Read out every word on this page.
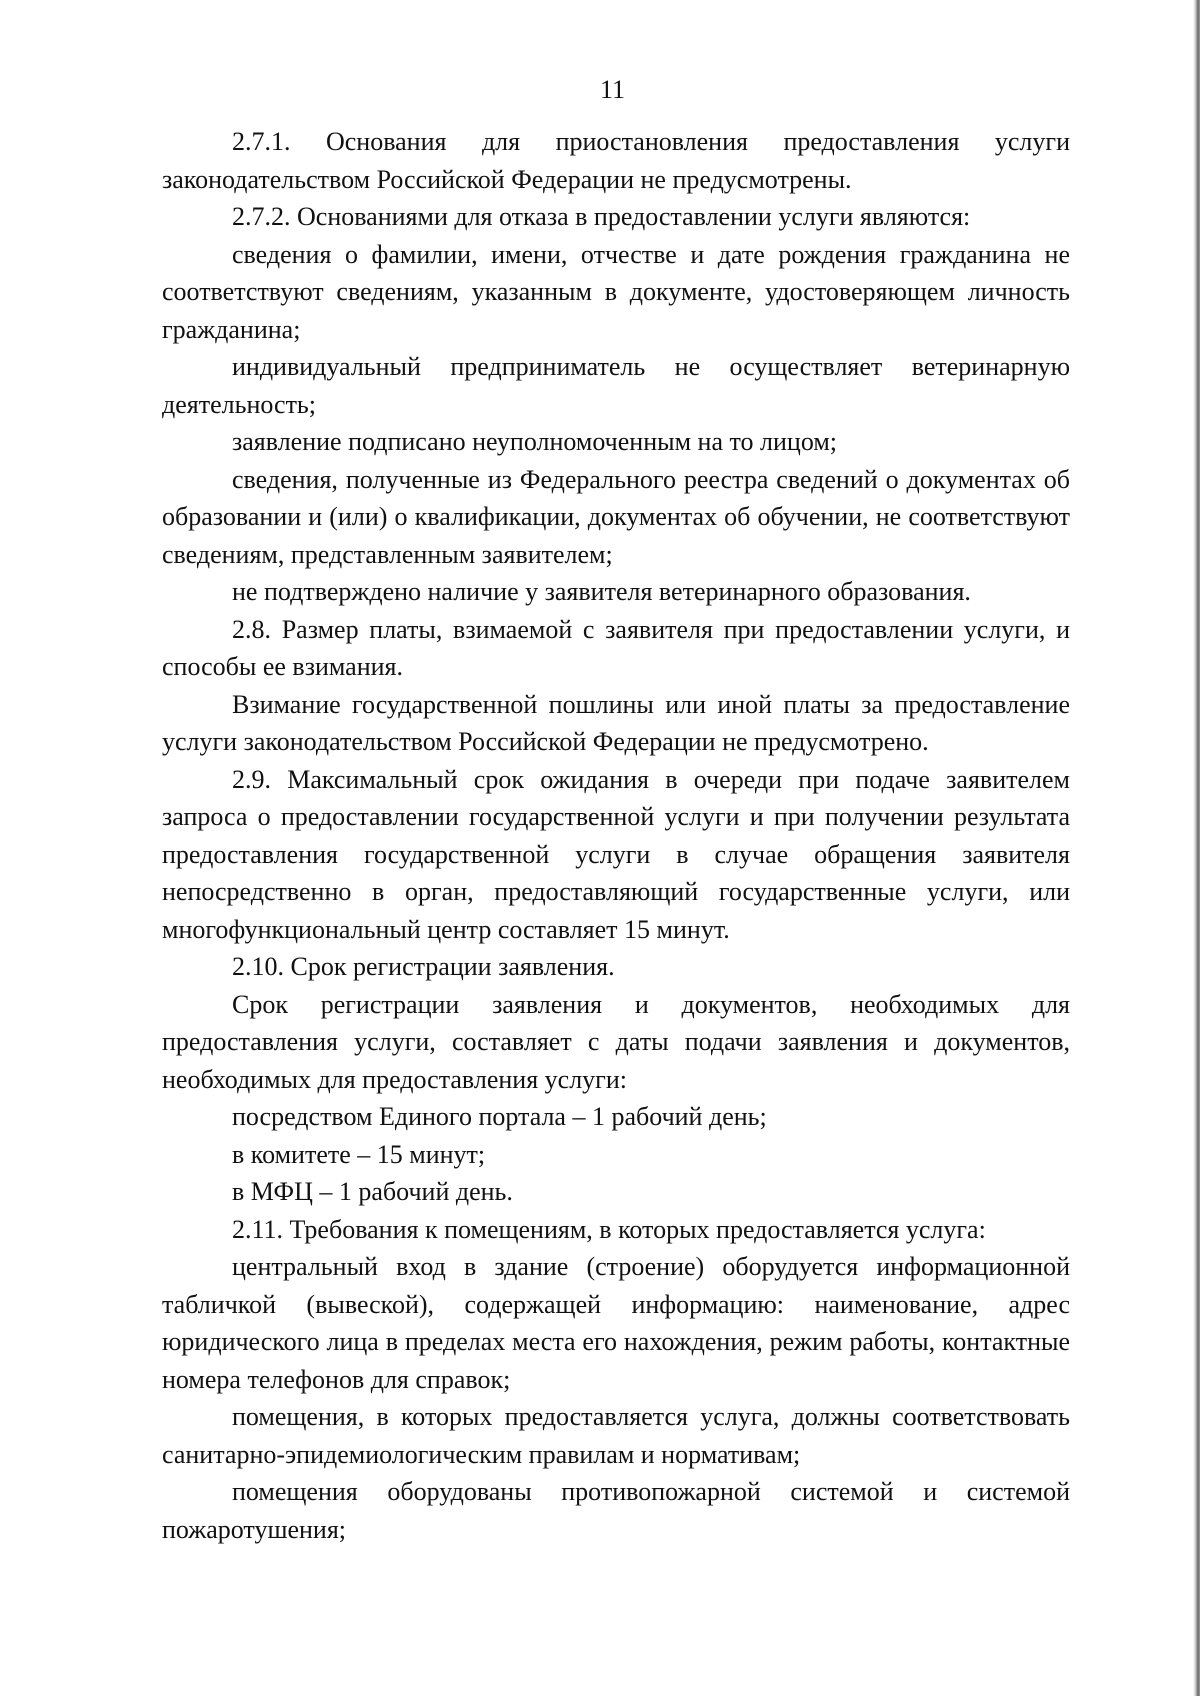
11

2.7.1. Основания для приостановления предоставления услуги законодательством Российской Федерации не предусмотрены.

2.7.2. Основаниями для отказа в предоставлении услуги являются:

сведения о фамилии, имени, отчестве и дате рождения гражданина не соответствуют сведениям, указанным в документе, удостоверяющем личность гражданина;

индивидуальный предприниматель не осуществляет ветеринарную деятельность;

заявление подписано неуполномоченным на то лицом;

сведения, полученные из Федерального реестра сведений о документах об образовании и (или) о квалификации, документах об обучении, не соответствуют сведениям, представленным заявителем;

не подтверждено наличие у заявителя ветеринарного образования.

2.8. Размер платы, взимаемой с заявителя при предоставлении услуги, и способы ее взимания.

Взимание государственной пошлины или иной платы за предоставление услуги законодательством Российской Федерации не предусмотрено.

2.9. Максимальный срок ожидания в очереди при подаче заявителем запроса о предоставлении государственной услуги и при получении результата предоставления государственной услуги в случае обращения заявителя непосредственно в орган, предоставляющий государственные услуги, или многофункциональный центр составляет 15 минут.

2.10. Срок регистрации заявления.

Срок регистрации заявления и документов, необходимых для предоставления услуги, составляет с даты подачи заявления и документов, необходимых для предоставления услуги:

посредством Единого портала – 1 рабочий день;

в комитете – 15 минут;

в МФЦ – 1 рабочий день.

2.11. Требования к помещениям, в которых предоставляется услуга:

центральный вход в здание (строение) оборудуется информационной табличкой (вывеской), содержащей информацию: наименование, адрес юридического лица в пределах места его нахождения, режим работы, контактные номера телефонов для справок;

помещения, в которых предоставляется услуга, должны соответствовать санитарно-эпидемиологическим правилам и нормативам;

помещения оборудованы противопожарной системой и системой пожаротушения;
